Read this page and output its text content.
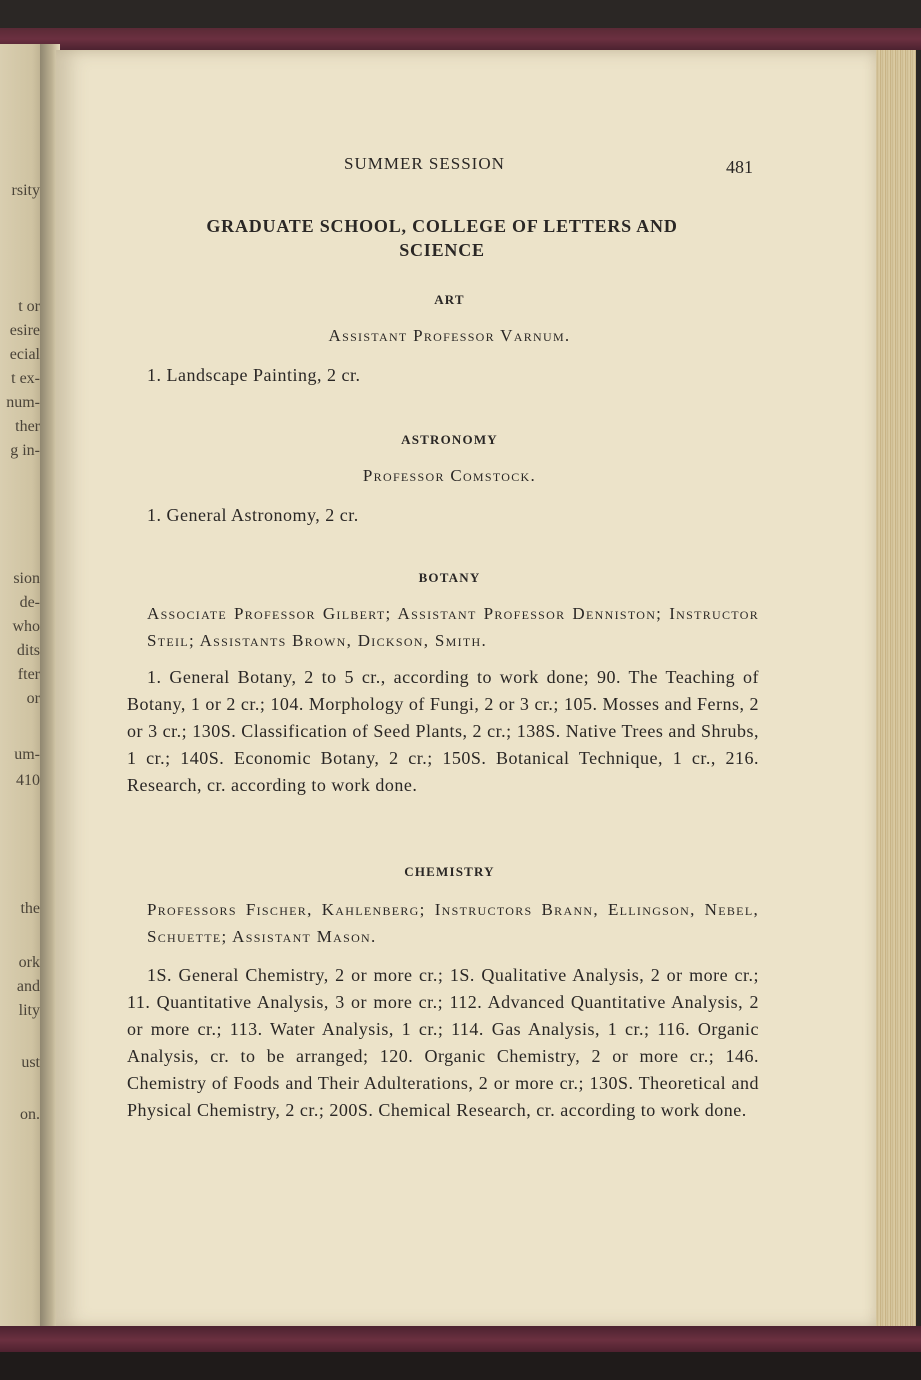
rsity
t or
esire
ecial
t ex-
num-
ther
g in-
sion
de-
who
dits
fter
or
um-
410
the
ork
and
lity
ust
on.
SUMMER SESSION	481
GRADUATE SCHOOL, COLLEGE OF LETTERS AND SCIENCE
ART
Assistant Professor Varnum.
1. Landscape Painting, 2 cr.
ASTRONOMY
Professor Comstock.
1. General Astronomy, 2 cr.
BOTANY
Associate Professor Gilbert; Assistant Professor Denniston; Instructor Steil; Assistants Brown, Dickson, Smith.
1. General Botany, 2 to 5 cr., according to work done; 90. The Teaching of Botany, 1 or 2 cr.; 104. Morphology of Fungi, 2 or 3 cr.; 105. Mosses and Ferns, 2 or 3 cr.; 130S. Classification of Seed Plants, 2 cr.; 138S. Native Trees and Shrubs, 1 cr.; 140S. Economic Botany, 2 cr.; 150S. Botanical Technique, 1 cr., 216. Research, cr. according to work done.
CHEMISTRY
Professors Fischer, Kahlenberg; Instructors Brann, Ellingson, Nebel, Schuette; Assistant Mason.
1S. General Chemistry, 2 or more cr.; 1S. Qualitative Analysis, 2 or more cr.; 11. Quantitative Analysis, 3 or more cr.; 112. Advanced Quantitative Analysis, 2 or more cr.; 113. Water Analysis, 1 cr.; 114. Gas Analysis, 1 cr.; 116. Organic Analysis, cr. to be arranged; 120. Organic Chemistry, 2 or more cr.; 146. Chemistry of Foods and Their Adulterations, 2 or more cr.; 130S. Theoretical and Physical Chemistry, 2 cr.; 200S. Chemical Research, cr. according to work done.
